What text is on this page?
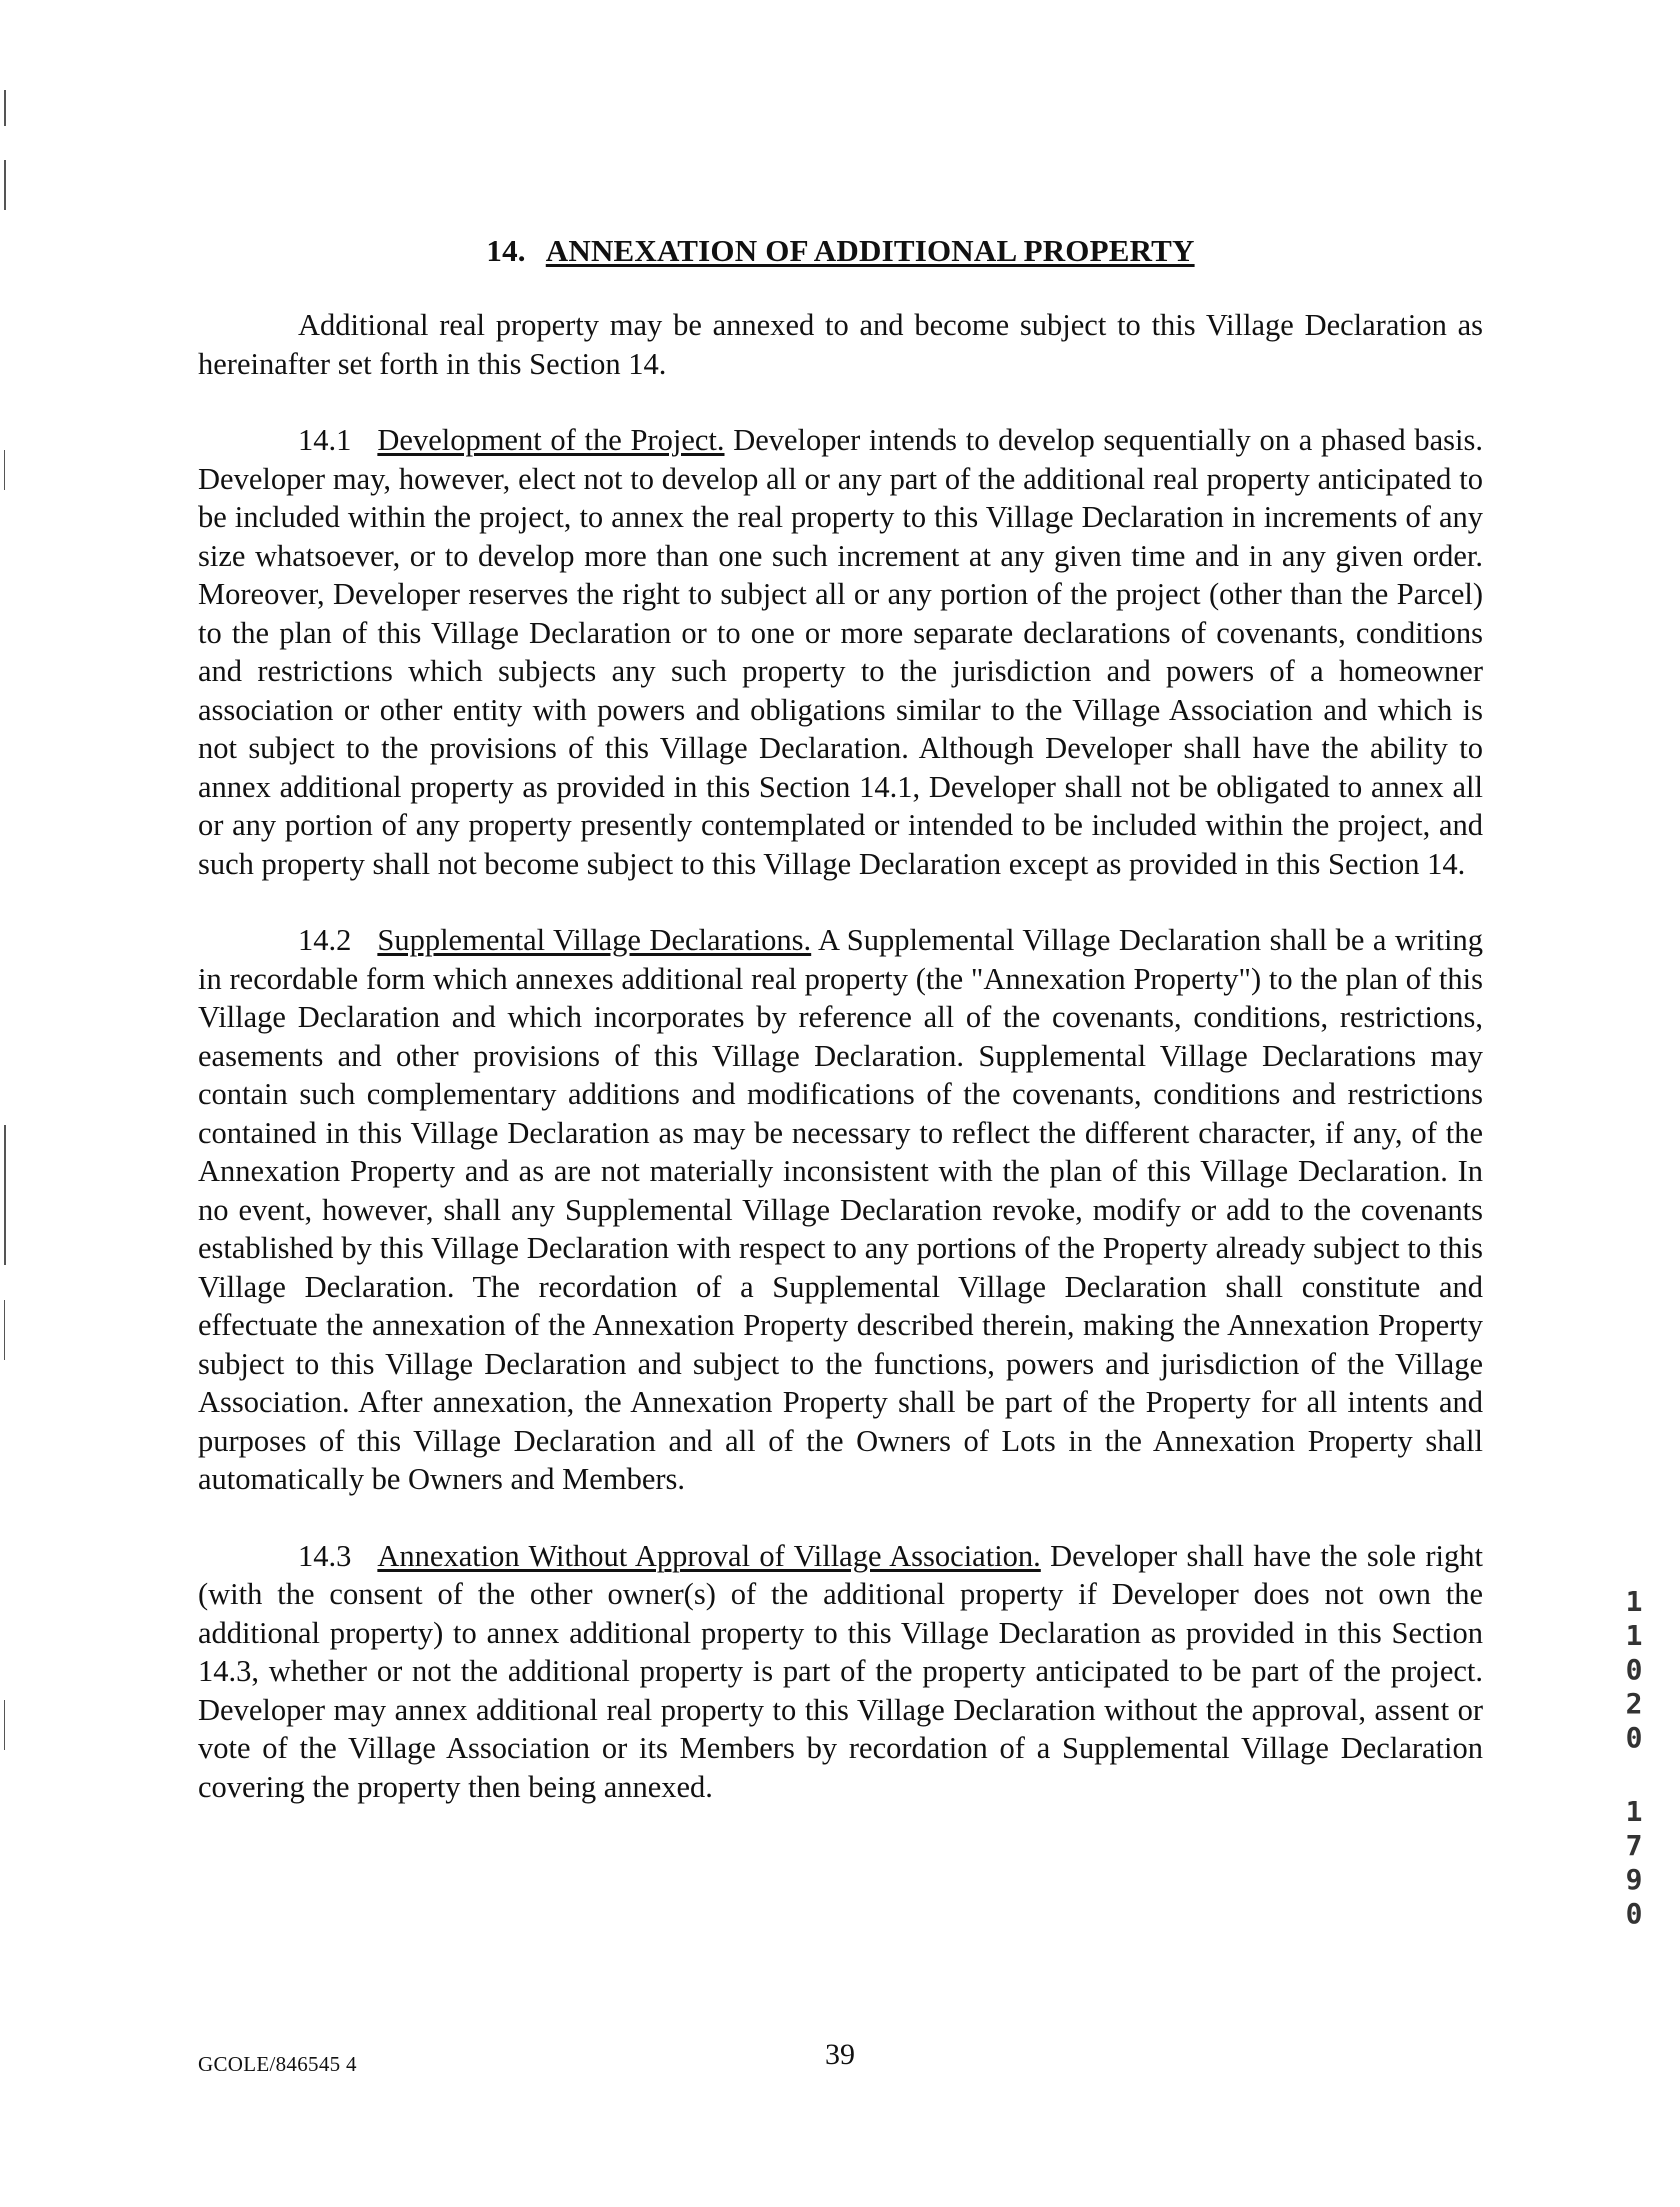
14. ANNEXATION OF ADDITIONAL PROPERTY

Additional real property may be annexed to and become subject to this Village Declaration as hereinafter set forth in this Section 14.

14.1 Development of the Project. Developer intends to develop sequentially on a phased basis. Developer may, however, elect not to develop all or any part of the additional real property anticipated to be included within the project, to annex the real property to this Village Declaration in increments of any size whatsoever, or to develop more than one such increment at any given time and in any given order. Moreover, Developer reserves the right to subject all or any portion of the project (other than the Parcel) to the plan of this Village Declaration or to one or more separate declarations of covenants, conditions and restrictions which subjects any such property to the jurisdiction and powers of a homeowner association or other entity with powers and obligations similar to the Village Association and which is not subject to the provisions of this Village Declaration. Although Developer shall have the ability to annex additional property as provided in this Section 14.1, Developer shall not be obligated to annex all or any portion of any property presently contemplated or intended to be included within the project, and such property shall not become subject to this Village Declaration except as provided in this Section 14.

14.2 Supplemental Village Declarations. A Supplemental Village Declaration shall be a writing in recordable form which annexes additional real property (the "Annexation Property") to the plan of this Village Declaration and which incorporates by reference all of the covenants, conditions, restrictions, easements and other provisions of this Village Declaration. Supplemental Village Declarations may contain such complementary additions and modifications of the covenants, conditions and restrictions contained in this Village Declaration as may be necessary to reflect the different character, if any, of the Annexation Property and as are not materially inconsistent with the plan of this Village Declaration. In no event, however, shall any Supplemental Village Declaration revoke, modify or add to the covenants established by this Village Declaration with respect to any portions of the Property already subject to this Village Declaration. The recordation of a Supplemental Village Declaration shall constitute and effectuate the annexation of the Annexation Property described therein, making the Annexation Property subject to this Village Declaration and subject to the functions, powers and jurisdiction of the Village Association. After annexation, the Annexation Property shall be part of the Property for all intents and purposes of this Village Declaration and all of the Owners of Lots in the Annexation Property shall automatically be Owners and Members.

14.3 Annexation Without Approval of Village Association. Developer shall have the sole right (with the consent of the other owner(s) of the additional property if Developer does not own the additional property) to annex additional property to this Village Declaration as provided in this Section 14.3, whether or not the additional property is part of the property anticipated to be part of the project. Developer may annex additional real property to this Village Declaration without the approval, assent or vote of the Village Association or its Members by recordation of a Supplemental Village Declaration covering the property then being annexed.

1
1
0
2
0
1
7
9
0
GCOLE/846545 4	39
